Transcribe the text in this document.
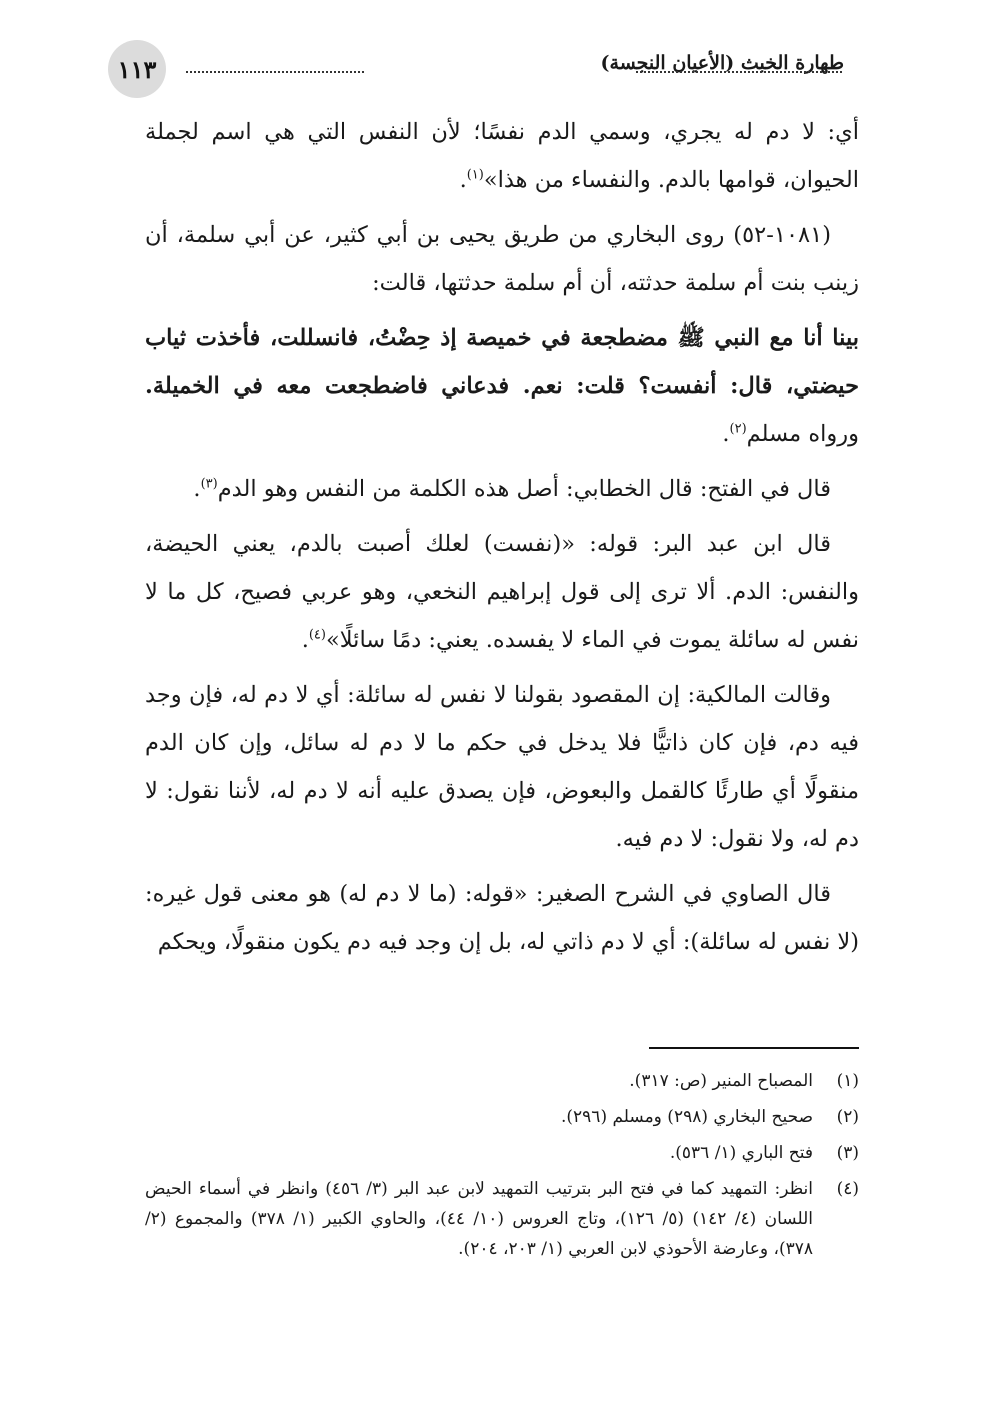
١١٣	طهارة الخبث (الأعيان النجسة)

أي: لا دم له يجري، وسمي الدم نفسًا؛ لأن النفس التي هي اسم لجملة الحيوان، قوامها بالدم. والنفساء من هذا»$^{(١)}$.

(١٠٨١-٥٢) روى البخاري من طريق يحيى بن أبي كثير، عن أبي سلمة، أن زينب بنت أم سلمة حدثته، أن أم سلمة حدثتها، قالت:

بينا أنا مع النبي ﷺ مضطجعة في خميصة إذ حِضْتُ، فانسللت، فأخذت ثياب حيضتي، قال: أنفست؟ قلت: نعم. فدعاني فاضطجعت معه في الخميلة. ورواه مسلم$^{(٢)}$.

قال في الفتح: قال الخطابي: أصل هذه الكلمة من النفس وهو الدم$^{(٣)}$.

قال ابن عبد البر: قوله: «(نفست) لعلك أصبت بالدم، يعني الحيضة، والنفس: الدم. ألا ترى إلى قول إبراهيم النخعي، وهو عربي فصيح، كل ما لا نفس له سائلة يموت في الماء لا يفسده. يعني: دمًا سائلًا»$^{(٤)}$.

وقالت المالكية: إن المقصود بقولنا لا نفس له سائلة: أي لا دم له، فإن وجد فيه دم، فإن كان ذاتيًّا فلا يدخل في حكم ما لا دم له سائل، وإن كان الدم منقولًا أي طارئًا كالقمل والبعوض، فإن يصدق عليه أنه لا دم له، لأننا نقول: لا دم له، ولا نقول: لا دم فيه.

قال الصاوي في الشرح الصغير: «قوله: (ما لا دم له) هو معنى قول غيره: (لا نفس له سائلة): أي لا دم ذاتي له، بل إن وجد فيه دم يكون منقولًا، ويحكم

(١)
المصباح المنير (ص: ٣١٧).
(٢)
صحيح البخاري (٢٩٨) ومسلم (٢٩٦).
(٣)
فتح الباري (١/ ٥٣٦).
(٤)
انظر: التمهيد كما في فتح البر بترتيب التمهيد لابن عبد البر (٣/ ٤٥٦) وانظر في أسماء الحيض اللسان (٤/ ١٤٢) (٥/ ١٢٦)، وتاج العروس (١٠/ ٤٤)، والحاوي الكبير (١/ ٣٧٨) والمجموع (٢/ ٣٧٨)، وعارضة الأحوذي لابن العربي (١/ ٢٠٣، ٢٠٤).
